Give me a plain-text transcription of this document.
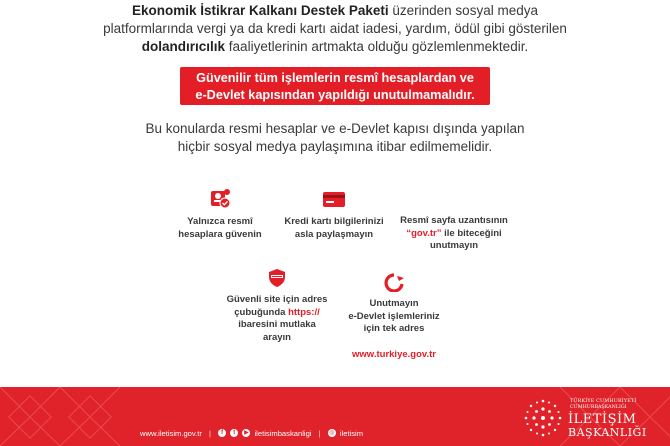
Ekonomik İstikrar Kalkanı Destek Paketi üzerinden sosyal medya platformlarında vergi ya da kredi kartı aidat iadesi, yardım, ödül gibi gösterilen dolandırıcılık faaliyetlerinin artmakta olduğu gözlemlenmektedir.
Güvenilir tüm işlemlerin resmî hesaplardan ve
e-Devlet kapısından yapıldığı unutulmamalıdır.
Bu konularda resmi hesaplar ve e-Devlet kapısı dışında yapılan
hiçbir sosyal medya paylaşımına itibar edilmemelidir.
Yalnızca resmî
hesaplara güvenin
Kredi kartı bilgilerinizi
asla paylaşmayın
Resmî sayfa uzantısının
“gov.tr” ile biteceğini
unutmayın
Güvenli site için adres
çubuğunda https://
ibaresini mutlaka
arayın
Unutmayın
e-Devlet işlemleriniz
için tek adres
www.turkiye.gov.tr
www.iletisim.gov.tr | f t ▶ iletisimbaskanligi | ◎ iletisim
TÜRKİYE CUMHURİYETİ
CUMHURBAŞKANLIĞI
İLETİŞİM
BAŞKANLIĞI
